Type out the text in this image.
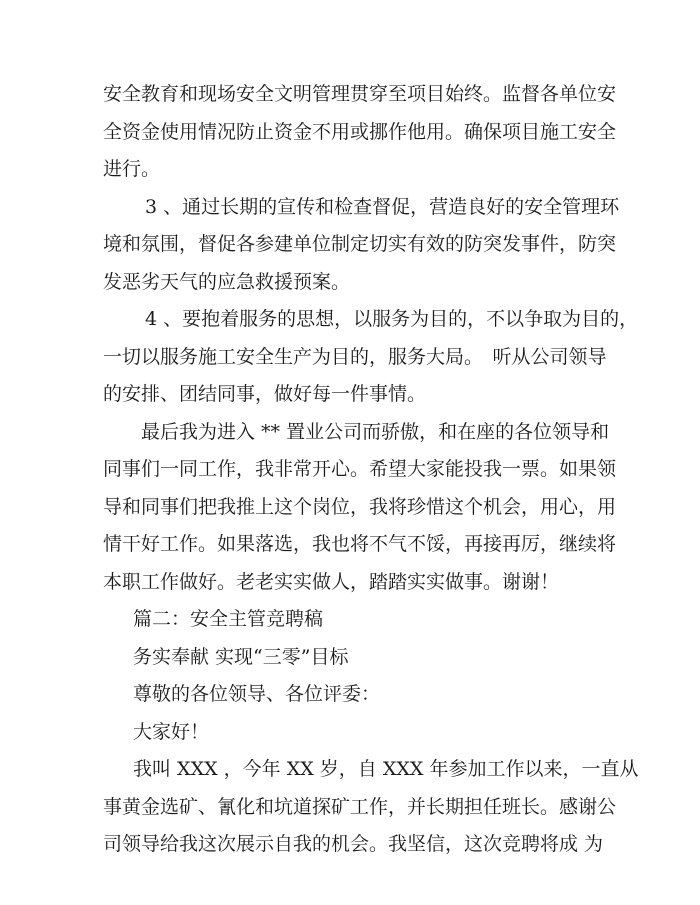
安全教育和现场安全文明管理贯穿至项目始终。监督各单位安
全资金使用情况防止资金不用或挪作他用。确保项目施工安全
进行。
3 、通过长期的宣传和检查督促，营造良好的安全管理环
境和氛围，督促各参建单位制定切实有效的防突发事件，防突
发恶劣天气的应急救援预案。
4 、要抱着服务的思想，以服务为目的，不以争取为目的，
一切以服务施工安全生产为目的，服务大局。　听从公司领导
的安排、团结同事，做好每一件事情。
最后我为进入 ** 置业公司而骄傲，和在座的各位领导和
同事们一同工作，我非常开心。希望大家能投我一票。如果领
导和同事们把我推上这个岗位，我将珍惜这个机会，用心，用
情干好工作。如果落选，我也将不气不馁，再接再厉，继续将
本职工作做好。老老实实做人，踏踏实实做事。谢谢！
篇二：安全主管竞聘稿
务实奉献 实现“三零”目标
尊敬的各位领导、各位评委：
大家好！
我叫 XXX ，今年 XX 岁，自 XXX 年参加工作以来，一直从
事黄金选矿、氰化和坑道探矿工作，并长期担任班长。感谢公
司领导给我这次展示自我的机会。我坚信，这次竞聘将成 为
